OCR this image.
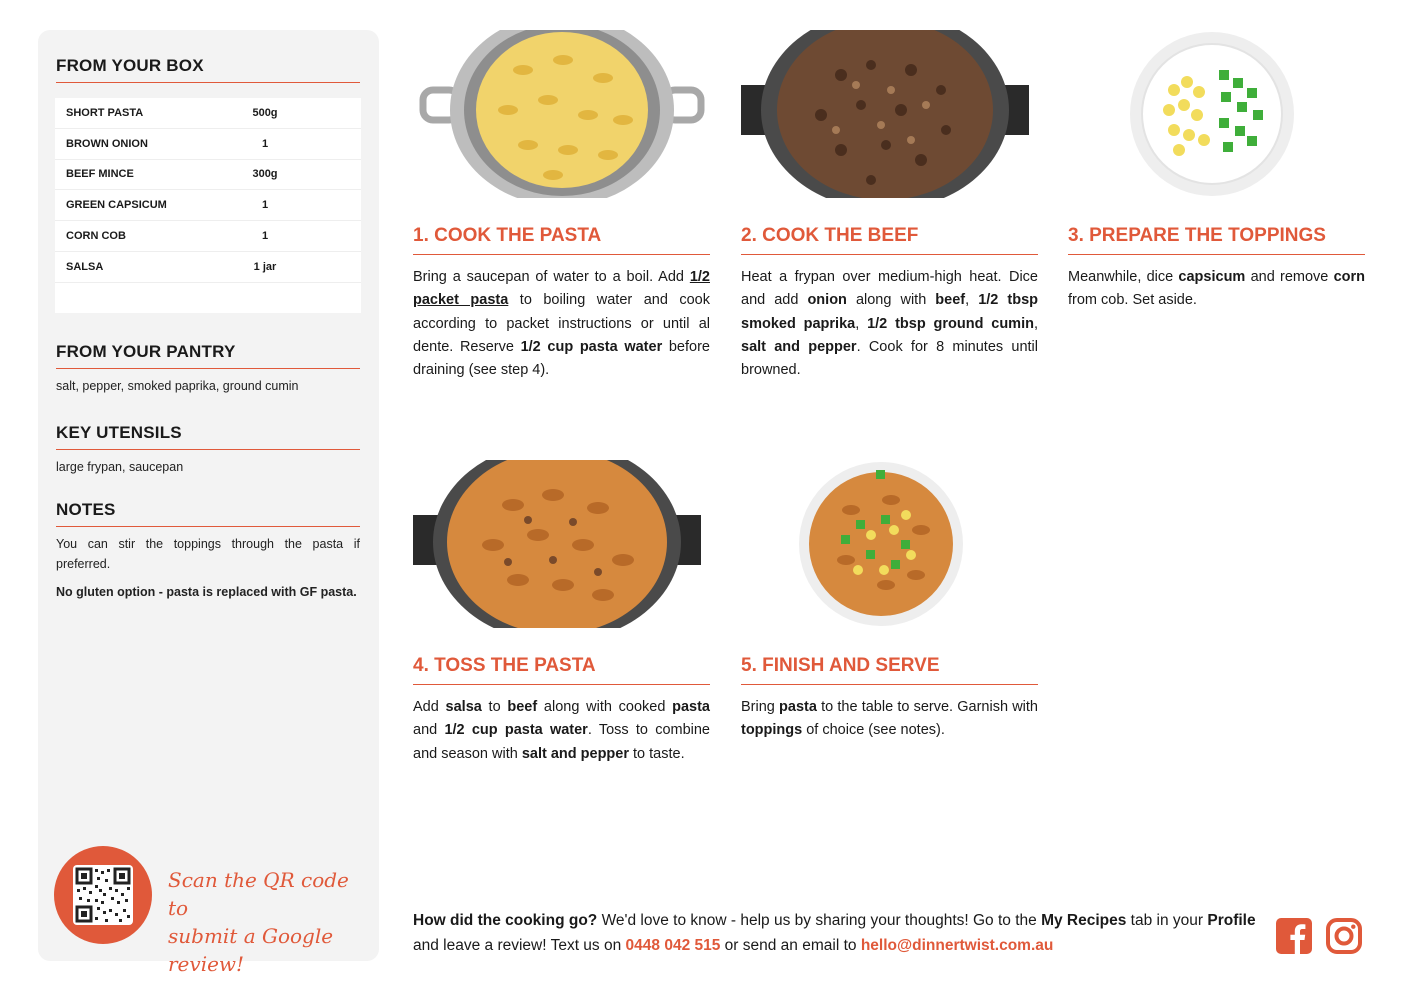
FROM YOUR BOX
SHORT PASTA	500g
BROWN ONION	1
BEEF MINCE	300g
GREEN CAPSICUM	1
CORN COB	1
SALSA	1 jar
FROM YOUR PANTRY
salt, pepper, smoked paprika, ground cumin
KEY UTENSILS
large frypan, saucepan
NOTES
You can stir the toppings through the pasta if preferred.
No gluten option - pasta is replaced with GF pasta.
Scan the QR code to
submit a Google review!
1. COOK THE PASTA
Bring a saucepan of water to a boil. Add 1/2 packet pasta to boiling water and cook according to packet instructions or until al dente. Reserve 1/2 cup pasta water before draining (see step 4).
2. COOK THE BEEF
Heat a frypan over medium-high heat. Dice and add onion along with beef, 1/2 tbsp smoked paprika, 1/2 tbsp ground cumin, salt and pepper. Cook for 8 minutes until browned.
3. PREPARE THE TOPPINGS
Meanwhile, dice capsicum and remove corn from cob. Set aside.
4. TOSS THE PASTA
Add salsa to beef along with cooked pasta and 1/2 cup pasta water. Toss to combine and season with salt and pepper to taste.
5. FINISH AND SERVE
Bring pasta to the table to serve. Garnish with toppings of choice (see notes).
How did the cooking go? We'd love to know - help us by sharing your thoughts! Go to the My Recipes tab in your Profile and leave a review! Text us on 0448 042 515 or send an email to hello@dinnertwist.com.au
